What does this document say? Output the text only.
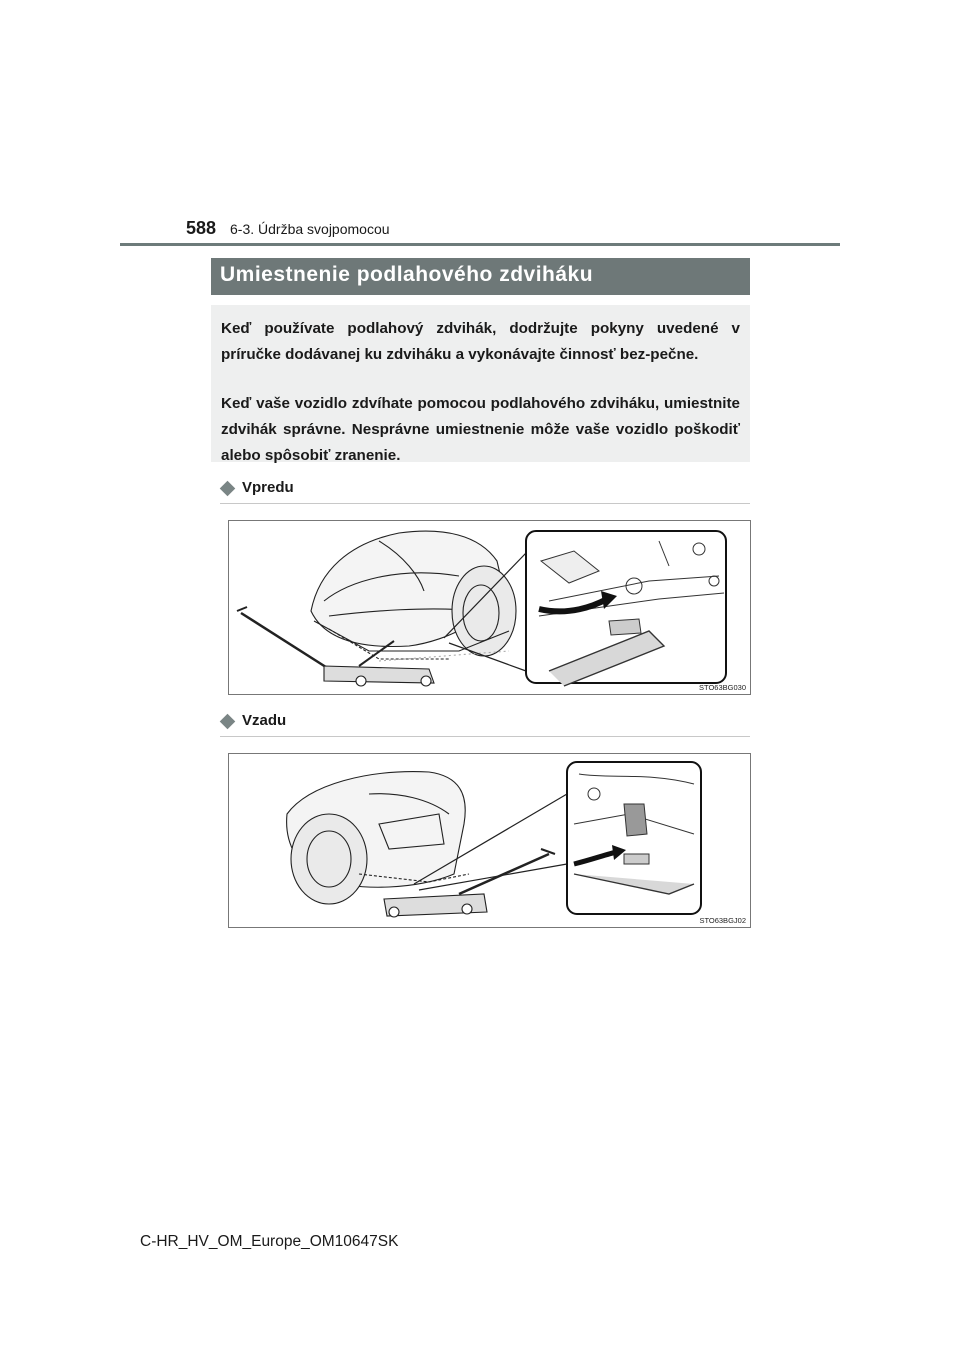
588 6-3. Údržba svojpomocou
Umiestnenie podlahového zdviháku

Keď používate podlahový zdvihák, dodržujte pokyny uvedené v príručke dodávanej ku zdviháku a vykonávajte činnosť bez-pečne.

Keď vaše vozidlo zdvíhate pomocou podlahového zdviháku, umiestnite zdvihák správne. Nesprávne umiestnenie môže vaše vozidlo poškodiť alebo spôsobiť zranenie.

Vpredu
STO63BG030
Vzadu
STO63BGJ02
C-HR_HV_OM_Europe_OM10647SK
